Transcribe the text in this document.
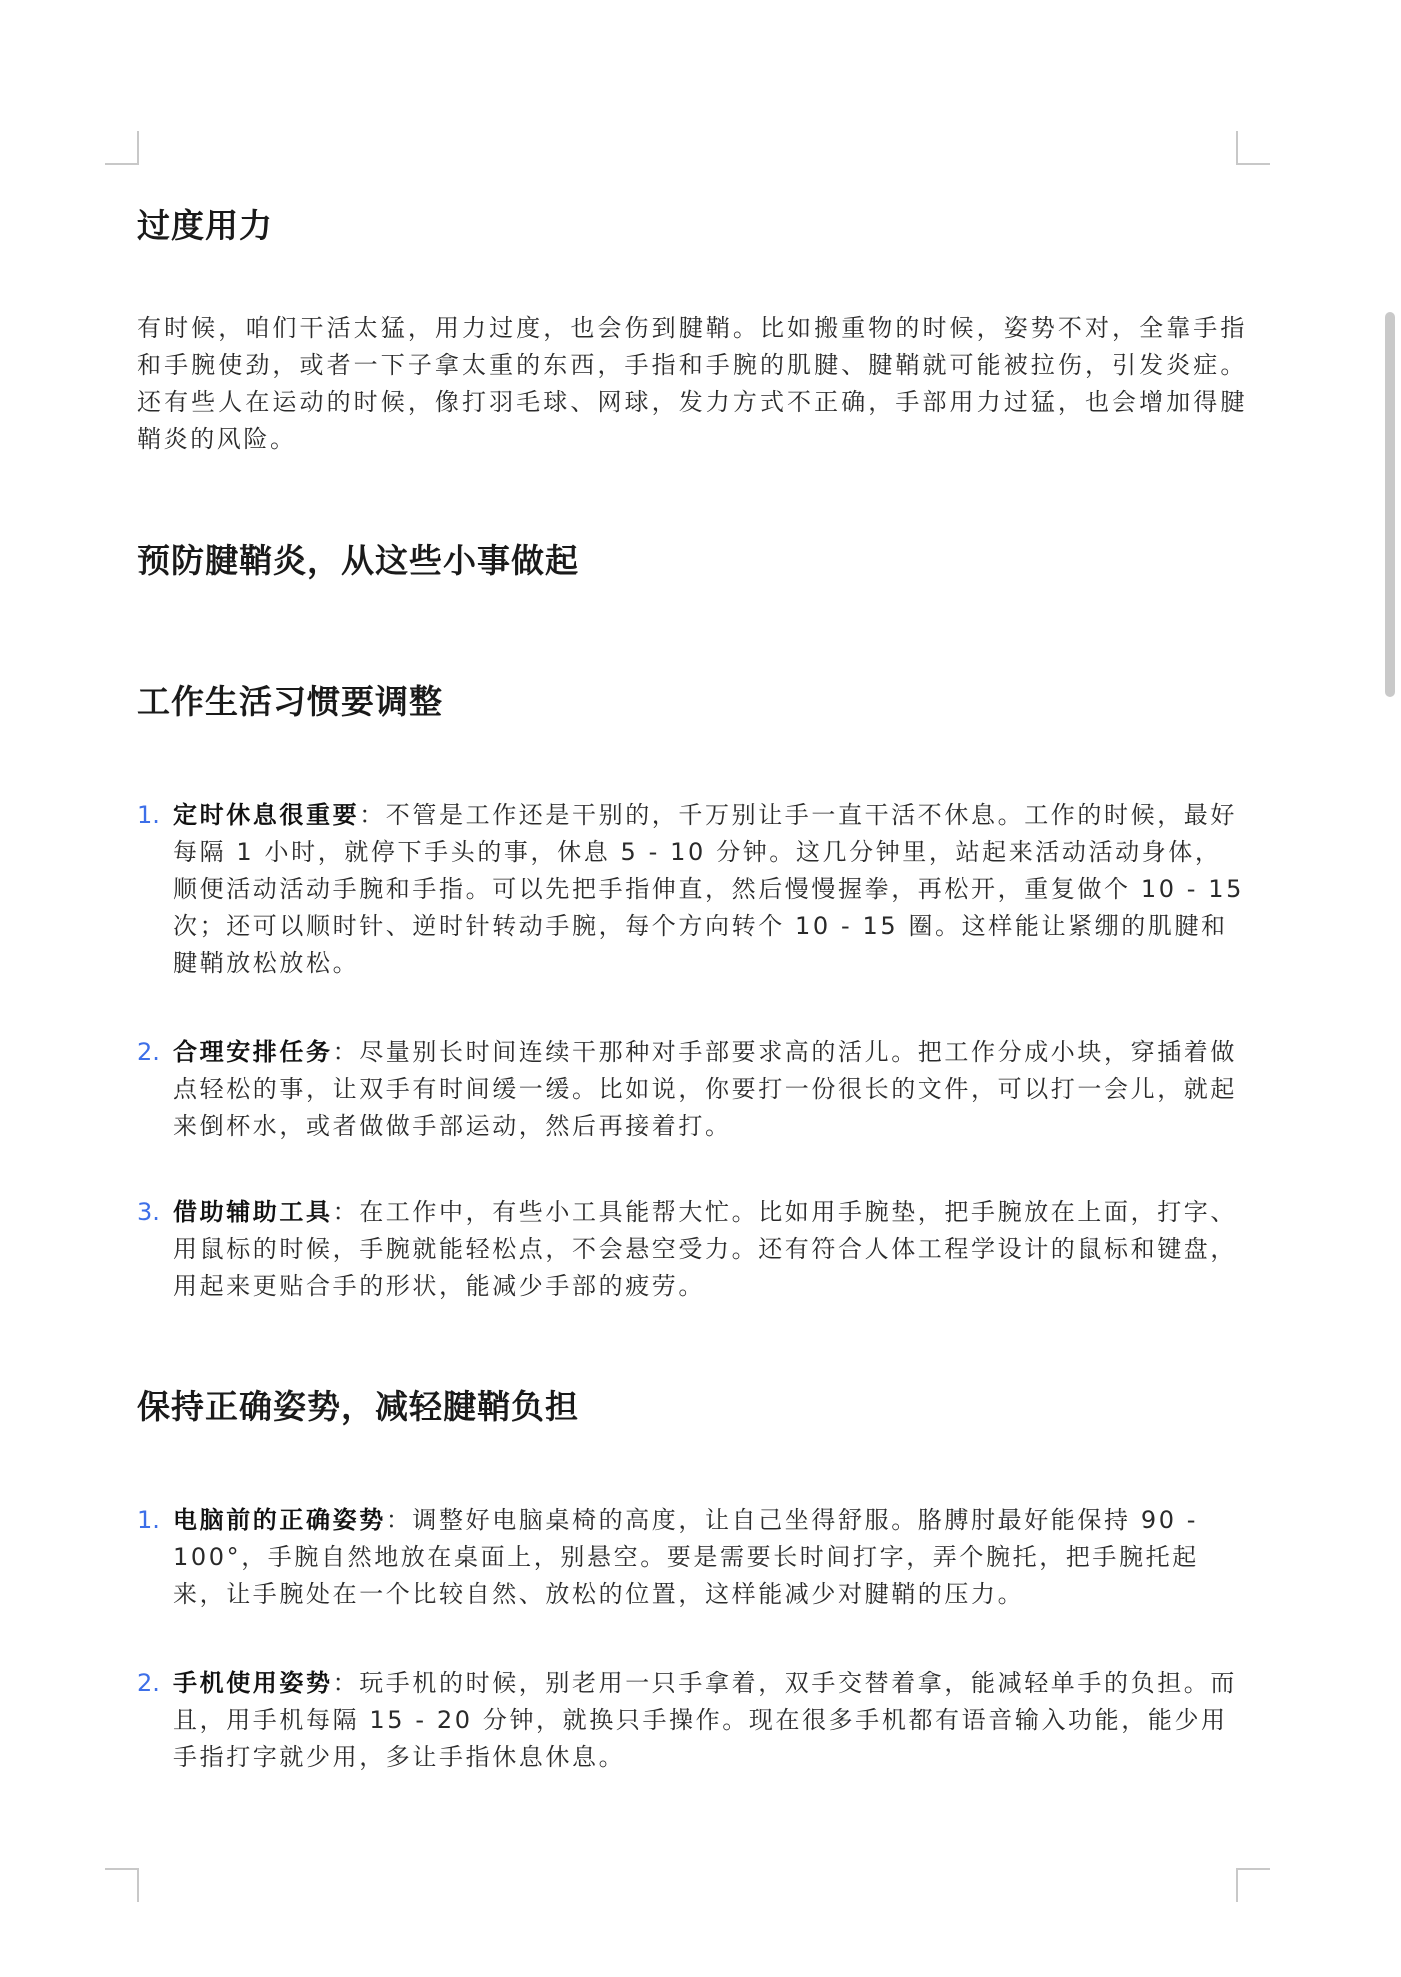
过度用力
有时候，咱们干活太猛，用力过度，也会伤到腱鞘。比如搬重物的时候，姿势不对，全靠手指和手腕使劲，或者一下子拿太重的东西，手指和手腕的肌腱、腱鞘就可能被拉伤，引发炎症。还有些人在运动的时候，像打羽毛球、网球，发力方式不正确，手部用力过猛，也会增加得腱鞘炎的风险。
预防腱鞘炎，从这些小事做起
工作生活习惯要调整
1. 定时休息很重要：不管是工作还是干别的，千万别让手一直干活不休息。工作的时候，最好每隔 1 小时，就停下手头的事，休息 5 - 10 分钟。这几分钟里，站起来活动活动身体，顺便活动活动手腕和手指。可以先把手指伸直，然后慢慢握拳，再松开，重复做个 10 - 15 次；还可以顺时针、逆时针转动手腕，每个方向转个 10 - 15 圈。这样能让紧绷的肌腱和腱鞘放松放松。
2. 合理安排任务：尽量别长时间连续干那种对手部要求高的活儿。把工作分成小块，穿插着做点轻松的事，让双手有时间缓一缓。比如说，你要打一份很长的文件，可以打一会儿，就起来倒杯水，或者做做手部运动，然后再接着打。
3. 借助辅助工具：在工作中，有些小工具能帮大忙。比如用手腕垫，把手腕放在上面，打字、用鼠标的时候，手腕就能轻松点，不会悬空受力。还有符合人体工程学设计的鼠标和键盘，用起来更贴合手的形状，能减少手部的疲劳。
保持正确姿势，减轻腱鞘负担
1. 电脑前的正确姿势：调整好电脑桌椅的高度，让自己坐得舒服。胳膊肘最好能保持 90 - 100°，手腕自然地放在桌面上，别悬空。要是需要长时间打字，弄个腕托，把手腕托起来，让手腕处在一个比较自然、放松的位置，这样能减少对腱鞘的压力。
2. 手机使用姿势：玩手机的时候，别老用一只手拿着，双手交替着拿，能减轻单手的负担。而且，用手机每隔 15 - 20 分钟，就换只手操作。现在很多手机都有语音输入功能，能少用手指打字就少用，多让手指休息休息。
